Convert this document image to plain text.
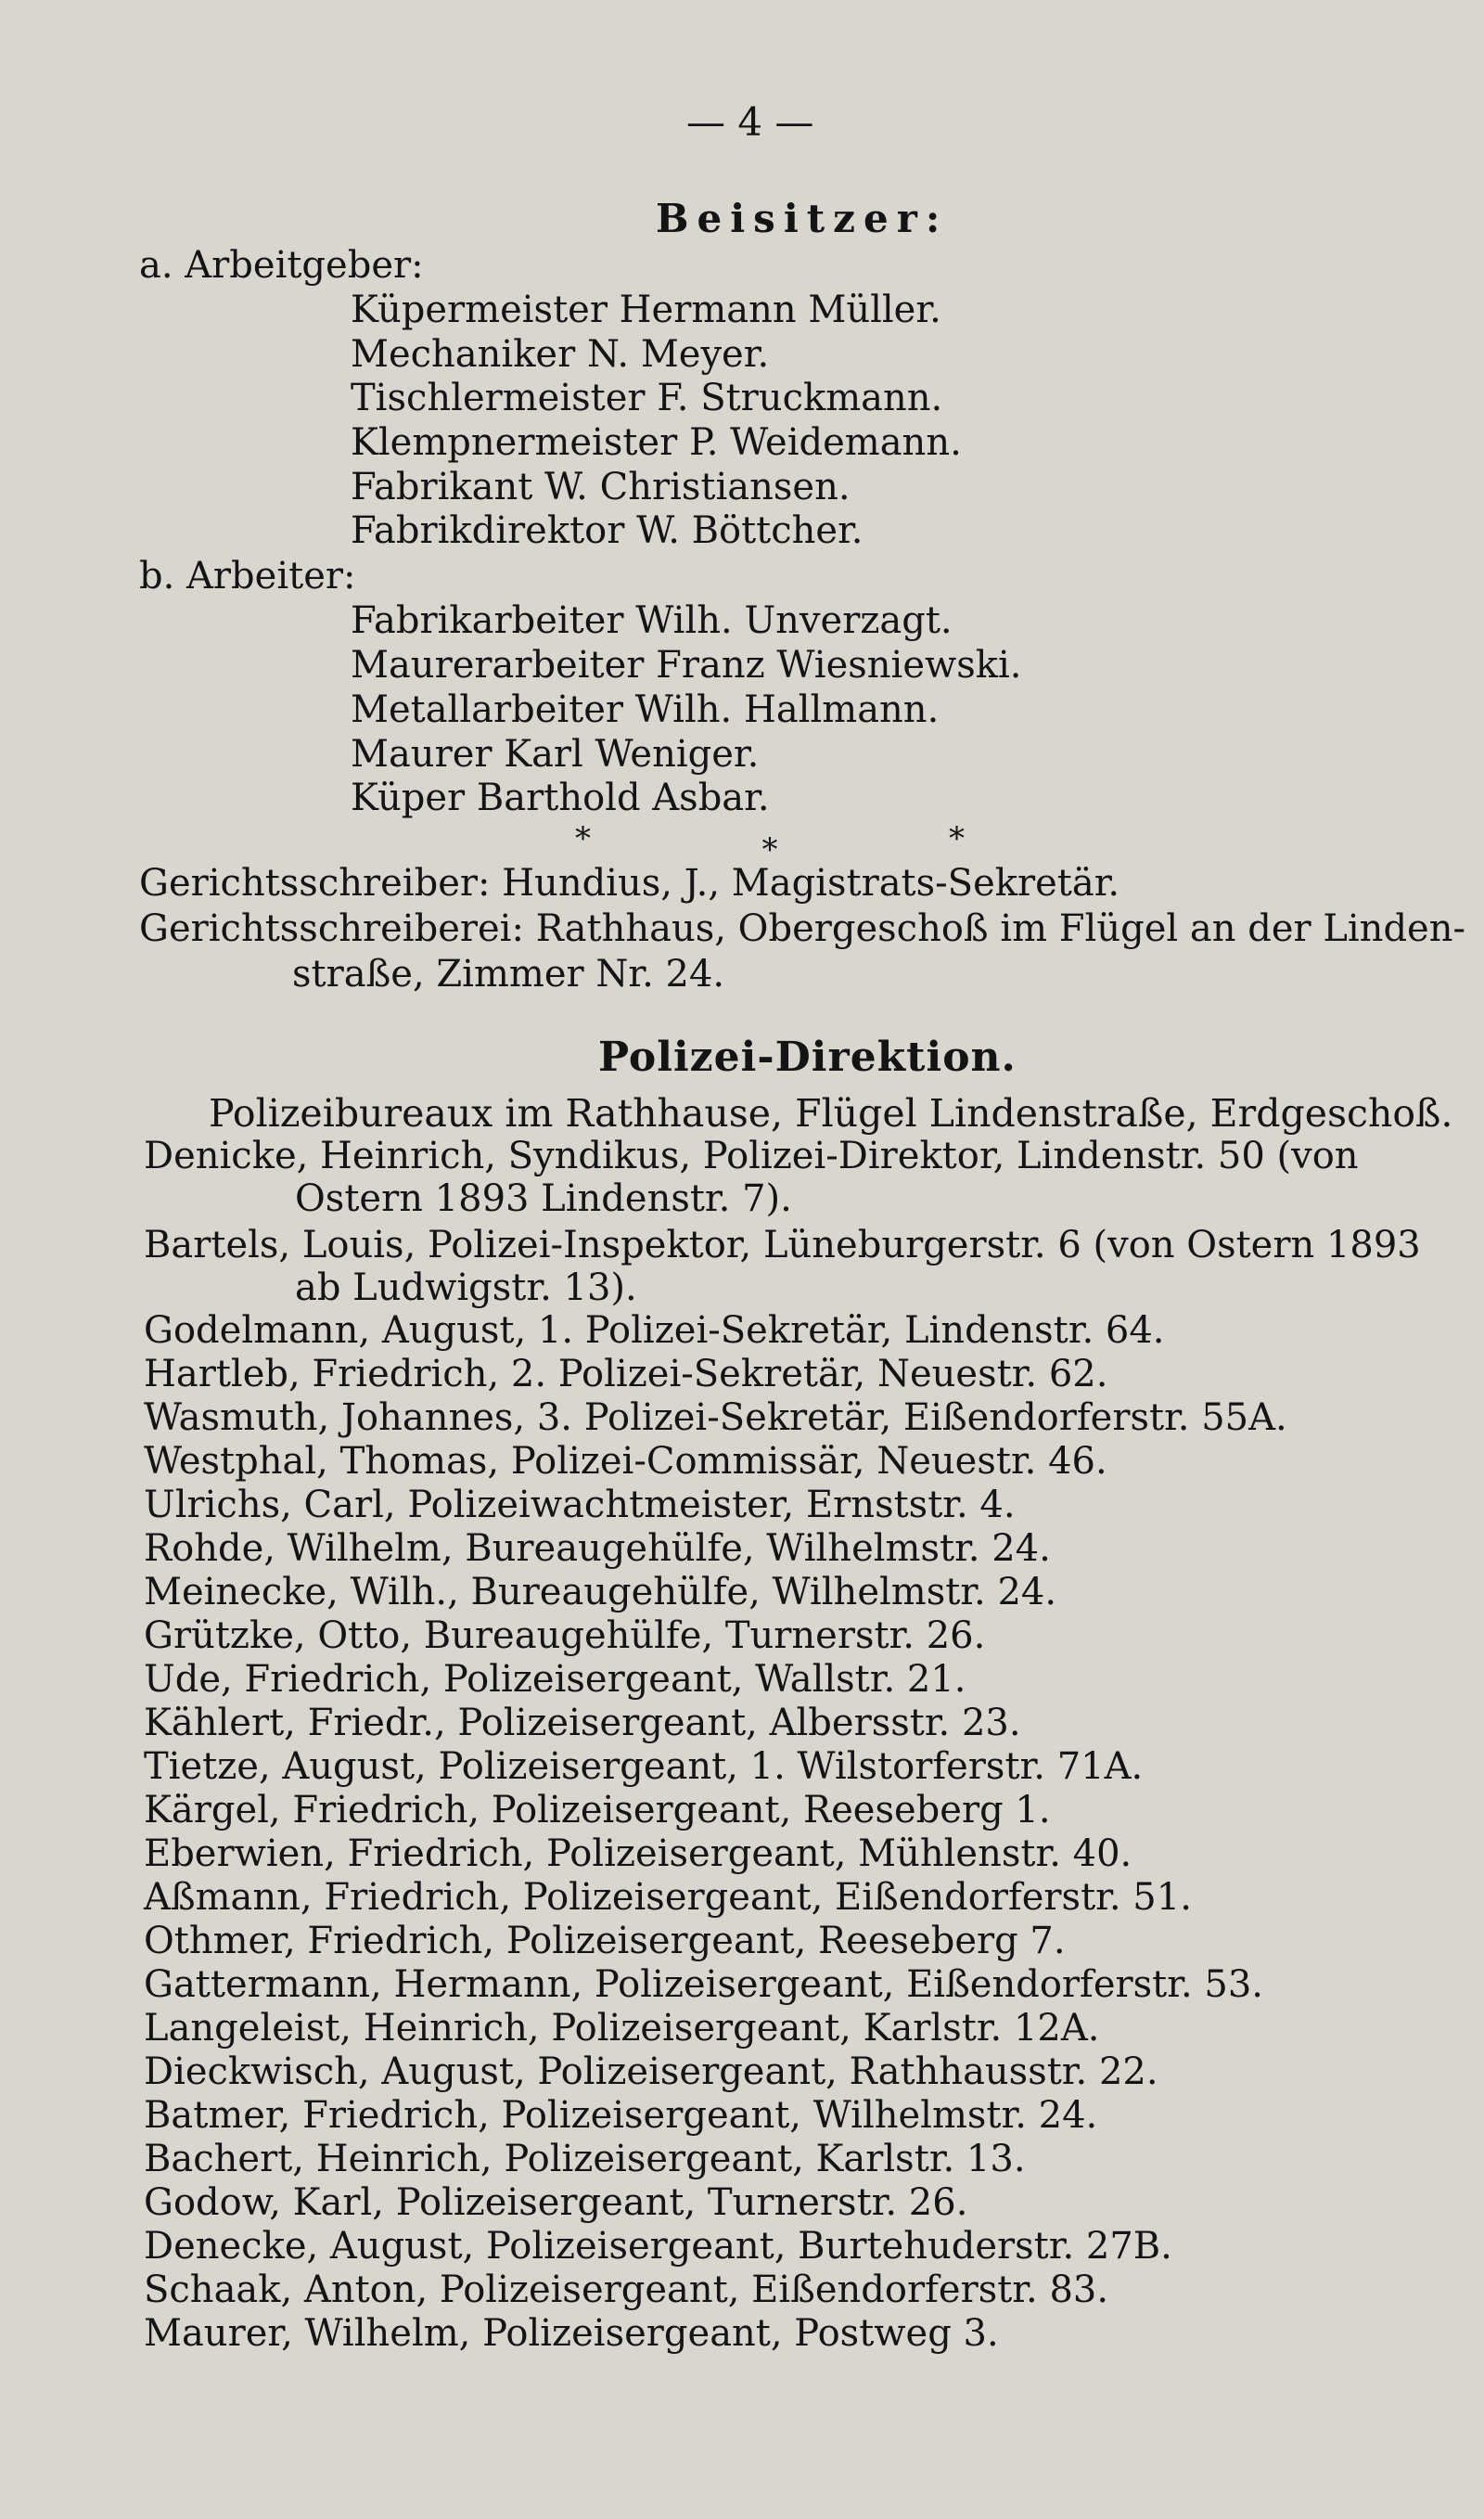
— 4 —
Beisitzer:
a. Arbeitgeber:
Küpermeister Hermann Müller.
Mechaniker N. Meyer.
Tischlermeister F. Struckmann.
Klempnermeister P. Weidemann.
Fabrikant W. Christiansen.
Fabrikdirektor W. Böttcher.
b. Arbeiter:
Fabrikarbeiter Wilh. Unverzagt.
Maurerarbeiter Franz Wiesniewski.
Metallarbeiter Wilh. Hallmann.
Maurer Karl Weniger.
Küper Barthold Asbar.
*	*	*
Gerichtsschreiber: Hundius, J., Magistrats-Sekretär.
Gerichtsschreiberei: Rathhaus, Obergeschoß im Flügel an der Linden-
straße, Zimmer Nr. 24.
Polizei-Direktion.
Polizeibureaux im Rathhause, Flügel Lindenstraße, Erdgeschoß.
Denicke, Heinrich, Syndikus, Polizei-Direktor, Lindenstr. 50 (von
Ostern 1893 Lindenstr. 7).
Bartels, Louis, Polizei-Inspektor, Lüneburgerstr. 6 (von Ostern 1893
ab Ludwigstr. 13).
Godelmann, August, 1. Polizei-Sekretär, Lindenstr. 64.
Hartleb, Friedrich, 2. Polizei-Sekretär, Neuestr. 62.
Wasmuth, Johannes, 3. Polizei-Sekretär, Eißendorferstr. 55A.
Westphal, Thomas, Polizei-Commissär, Neuestr. 46.
Ulrichs, Carl, Polizeiwachtmeister, Ernststr. 4.
Rohde, Wilhelm, Bureaugehülfe, Wilhelmstr. 24.
Meinecke, Wilh., Bureaugehülfe, Wilhelmstr. 24.
Grützke, Otto, Bureaugehülfe, Turnerstr. 26.
Ude, Friedrich, Polizeisergeant, Wallstr. 21.
Kählert, Friedr., Polizeisergeant, Albersstr. 23.
Tietze, August, Polizeisergeant, 1. Wilstorferstr. 71A.
Kärgel, Friedrich, Polizeisergeant, Reeseberg 1.
Eberwien, Friedrich, Polizeisergeant, Mühlenstr. 40.
Aßmann, Friedrich, Polizeisergeant, Eißendorferstr. 51.
Othmer, Friedrich, Polizeisergeant, Reeseberg 7.
Gattermann, Hermann, Polizeisergeant, Eißendorferstr. 53.
Langeleist, Heinrich, Polizeisergeant, Karlstr. 12A.
Dieckwisch, August, Polizeisergeant, Rathhausstr. 22.
Batmer, Friedrich, Polizeisergeant, Wilhelmstr. 24.
Bachert, Heinrich, Polizeisergeant, Karlstr. 13.
Godow, Karl, Polizeisergeant, Turnerstr. 26.
Denecke, August, Polizeisergeant, Burtehuderstr. 27B.
Schaak, Anton, Polizeisergeant, Eißendorferstr. 83.
Maurer, Wilhelm, Polizeisergeant, Postweg 3.
